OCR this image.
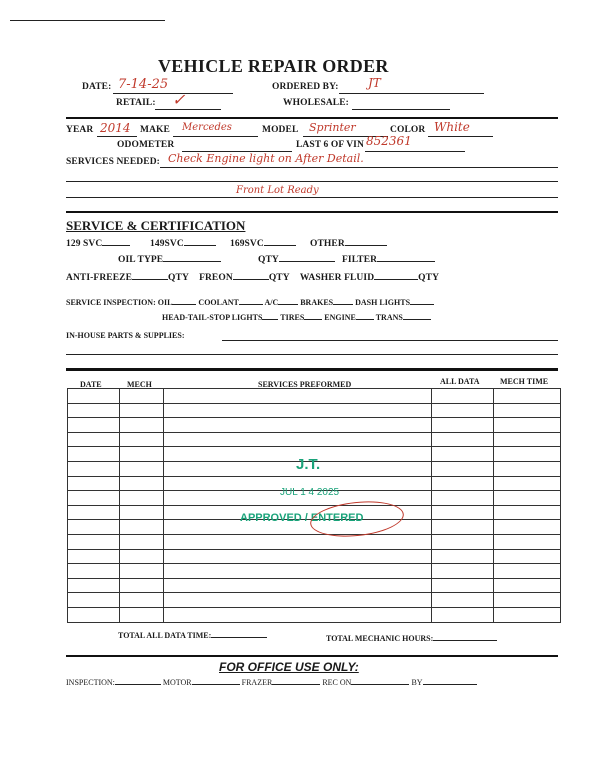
VEHICLE REPAIR ORDER
DATE: 7-14-25	ORDERED BY: JT
RETAIL: ✓	WHOLESALE:
YEAR 2014 MAKE Mercedes	MODEL Sprinter	COLOR White
ODOMETER	LAST 6 OF VIN 852361
SERVICES NEEDED: Check Engine light on After Detail.
Front Lot Ready
SERVICE & CERTIFICATION
129 SVC	149SVC	169SVC	OTHER
OIL TYPE	QTY	FILTER
ANTI-FREEZE	QTY FREON	QTY WASHER FLUID	QTY
SERVICE INSPECTION: OIL	COOLANT	A/C	BRAKES	DASH LIGHTS
HEAD-TAIL-STOP LIGHTS TIRES	ENGINE TRANS
IN-HOUSE PARTS & SUPPLIES:
DATE	MECH	SERVICES PREFORMED	ALL DATA	MECH TIME

J.T.
JUL 1 4 2025
APPROVED / ENTERED
TOTAL ALL DATA TIME:	TOTAL MECHANIC HOURS:
FOR OFFICE USE ONLY:
INSPECTION:	MOTOR	FRAZER	REC ON	BY
